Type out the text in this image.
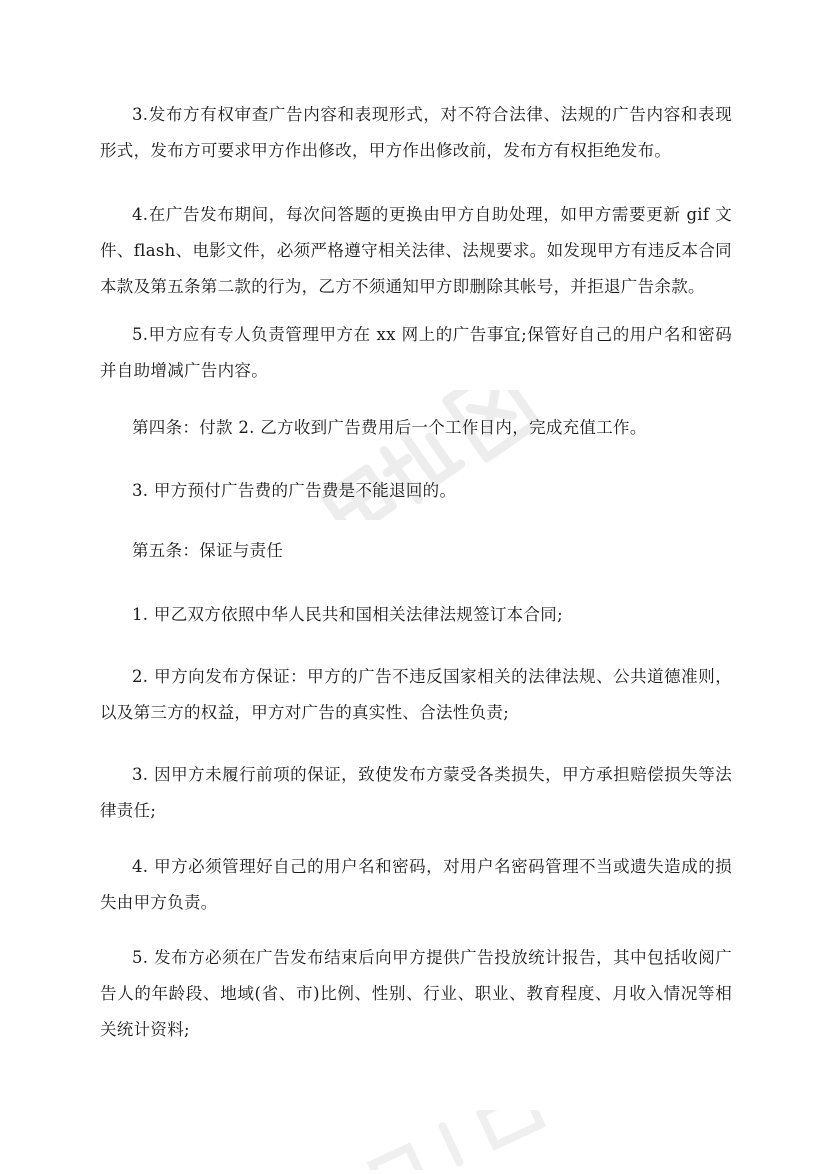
3.发布方有权审查广告内容和表现形式，对不符合法律、法规的广告内容和表现形式，发布方可要求甲方作出修改，甲方作出修改前，发布方有权拒绝发布。

4.在广告发布期间，每次问答题的更换由甲方自助处理，如甲方需要更新 gif 文件、flash、电影文件，必须严格遵守相关法律、法规要求。如发现甲方有违反本合同本款及第五条第二款的行为，乙方不须通知甲方即删除其帐号，并拒退广告余款。

5.甲方应有专人负责管理甲方在 xx 网上的广告事宜;保管好自己的用户名和密码并自助增减广告内容。

第四条：付款 2. 乙方收到广告费用后一个工作日内，完成充值工作。

3. 甲方预付广告费的广告费是不能退回的。

第五条：保证与责任

1. 甲乙双方依照中华人民共和国相关法律法规签订本合同;

2. 甲方向发布方保证：甲方的广告不违反国家相关的法律法规、公共道德准则，以及第三方的权益，甲方对广告的真实性、合法性负责;

3. 因甲方未履行前项的保证，致使发布方蒙受各类损失，甲方承担赔偿损失等法律责任;

4. 甲方必须管理好自己的用户名和密码，对用户名密码管理不当或遗失造成的损失由甲方负责。

5. 发布方必须在广告发布结束后向甲方提供广告投放统计报告，其中包括收阅广告人的年龄段、地域(省、市)比例、性别、行业、职业、教育程度、月收入情况等相关统计资料;
